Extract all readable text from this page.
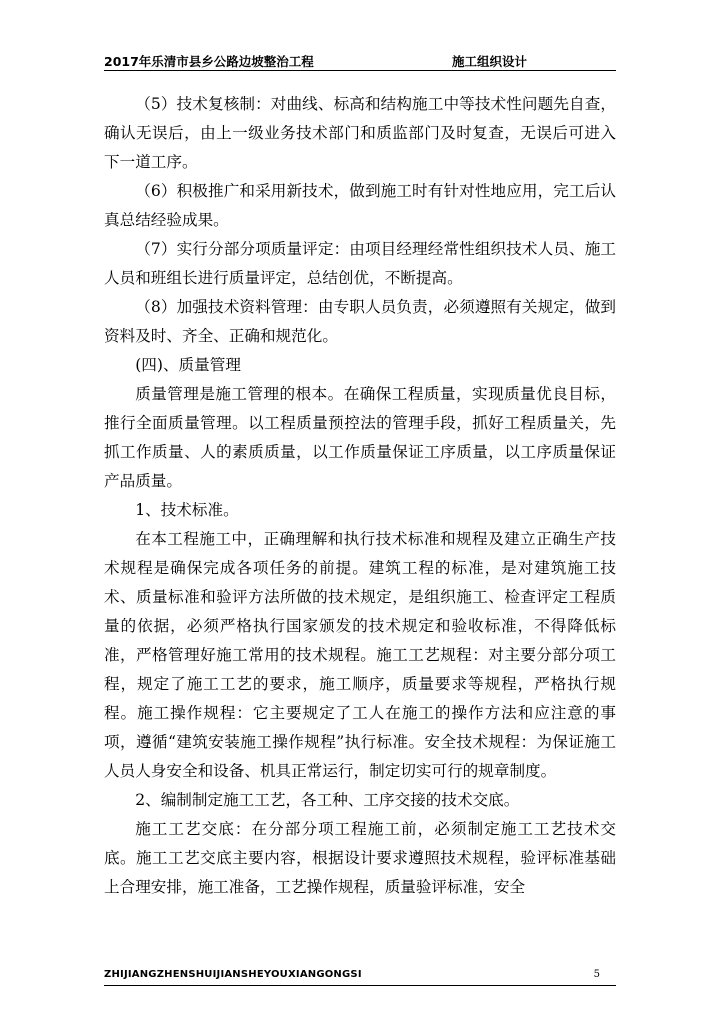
2017年乐清市县乡公路边坡整治工程	施工组织设计

（5）技术复核制：对曲线、标高和结构施工中等技术性问题先自查，确认无误后，由上一级业务技术部门和质监部门及时复查，无误后可进入下一道工序。

（6）积极推广和采用新技术，做到施工时有针对性地应用，完工后认真总结经验成果。

（7）实行分部分项质量评定：由项目经理经常性组织技术人员、施工人员和班组长进行质量评定，总结创优，不断提高。

（8）加强技术资料管理：由专职人员负责，必须遵照有关规定，做到资料及时、齐全、正确和规范化。

(四)、质量管理

质量管理是施工管理的根本。在确保工程质量，实现质量优良目标，推行全面质量管理。以工程质量预控法的管理手段，抓好工程质量关，先抓工作质量、人的素质质量，以工作质量保证工序质量，以工序质量保证产品质量。

1、技术标准。

在本工程施工中，正确理解和执行技术标准和规程及建立正确生产技术规程是确保完成各项任务的前提。建筑工程的标准，是对建筑施工技术、质量标准和验评方法所做的技术规定，是组织施工、检查评定工程质量的依据，必须严格执行国家颁发的技术规定和验收标准，不得降低标准，严格管理好施工常用的技术规程。施工工艺规程：对主要分部分项工程，规定了施工工艺的要求，施工顺序，质量要求等规程，严格执行规程。施工操作规程：它主要规定了工人在施工的操作方法和应注意的事项，遵循“建筑安装施工操作规程”执行标准。安全技术规程：为保证施工人员人身安全和设备、机具正常运行，制定切实可行的规章制度。

2、编制制定施工工艺，各工种、工序交接的技术交底。

施工工艺交底：在分部分项工程施工前，必须制定施工工艺技术交底。施工工艺交底主要内容，根据设计要求遵照技术规程，验评标准基础上合理安排，施工准备，工艺操作规程，质量验评标准，安全

ZHIJIANGZHENSHUIJIANSHEYOUXIANGONGSI	5
